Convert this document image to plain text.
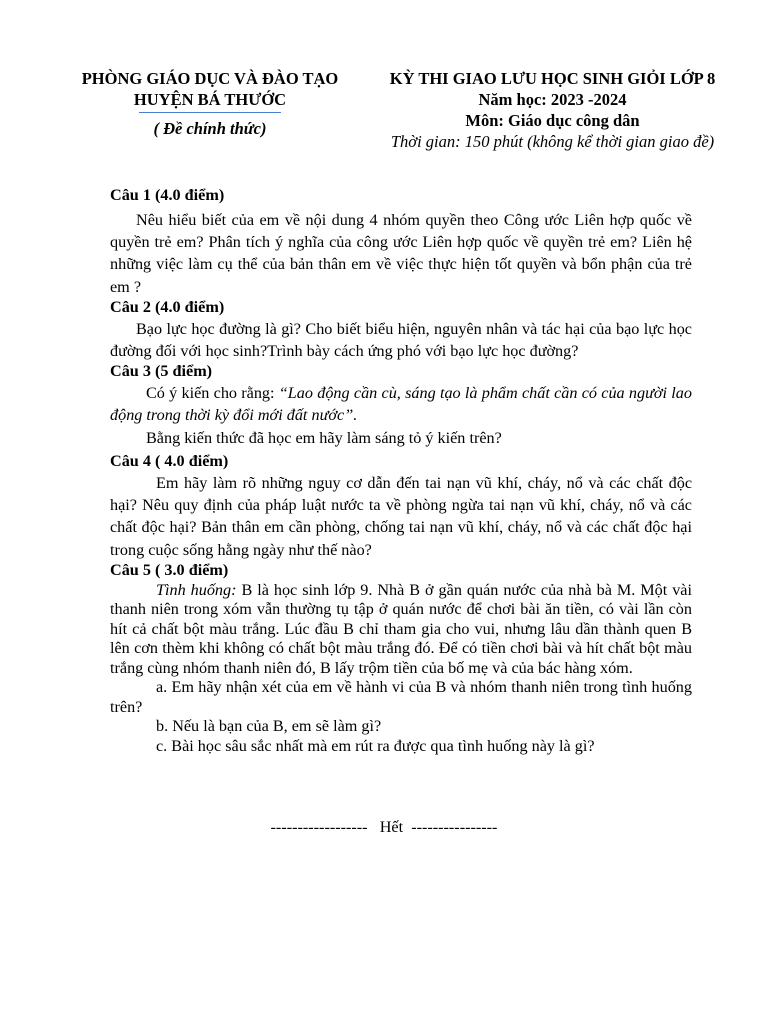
PHÒNG GIÁO DỤC VÀ ĐÀO TẠO
HUYỆN BÁ THƯỚC
( Đề chính thức)
KỲ THI GIAO LƯU HỌC SINH GIỎI LỚP 8
Năm học: 2023 -2024
Môn: Giáo dục công dân
Thời gian: 150 phút (không kể thời gian giao đề)

Câu 1 (4.0 điểm)

Nêu hiểu biết của em về nội dung 4 nhóm quyền theo Công ước Liên hợp quốc về quyền trẻ em? Phân tích ý nghĩa của công ước Liên hợp quốc về quyền trẻ em? Liên hệ những việc làm cụ thể của bản thân em về việc thực hiện tốt quyền và bổn phận của trẻ em ?

Câu 2 (4.0 điểm)

Bạo lực học đường là gì? Cho biết biểu hiện, nguyên nhân và tác hại của bạo lực học đường đối với học sinh?Trình bày cách ứng phó với bạo lực học đường?

Câu 3 (5 điểm)

Có ý kiến cho rằng: “Lao động cần cù, sáng tạo là phẩm chất cần có của người lao động trong thời kỳ đổi mới đất nước”.

Bằng kiến thức đã học em hãy làm sáng tỏ ý kiến trên?

Câu 4 ( 4.0 điểm)

Em hãy làm rõ những nguy cơ dẫn đến tai nạn vũ khí, cháy, nổ và các chất độc hại? Nêu quy định của pháp luật nước ta về phòng ngừa tai nạn vũ khí, cháy, nổ và các chất độc hại? Bản thân em cần phòng, chống tai nạn vũ khí, cháy, nổ và các chất độc hại trong cuộc sống hằng ngày như thế nào?

Câu 5 ( 3.0 điểm)

Tình huống: B là học sinh lớp 9. Nhà B ở gần quán nước của nhà bà M. Một vài thanh niên trong xóm vẫn thường tụ tập ở quán nước để chơi bài ăn tiền, có vài lần còn hít cả chất bột màu trắng. Lúc đầu B chỉ tham gia cho vui, nhưng lâu dần thành quen B lên cơn thèm khi không có chất bột màu trắng đó. Để có tiền chơi bài và hít chất bột màu trắng cùng nhóm thanh niên đó, B lấy trộm tiền của bố mẹ và của bác hàng xóm.

a. Em hãy nhận xét của em về hành vi của B và nhóm thanh niên trong tình huống trên?

b. Nếu là bạn của B, em sẽ làm gì?

c. Bài học sâu sắc nhất mà em rút ra được qua tình huống này là gì?

------------------ Hết ----------------
